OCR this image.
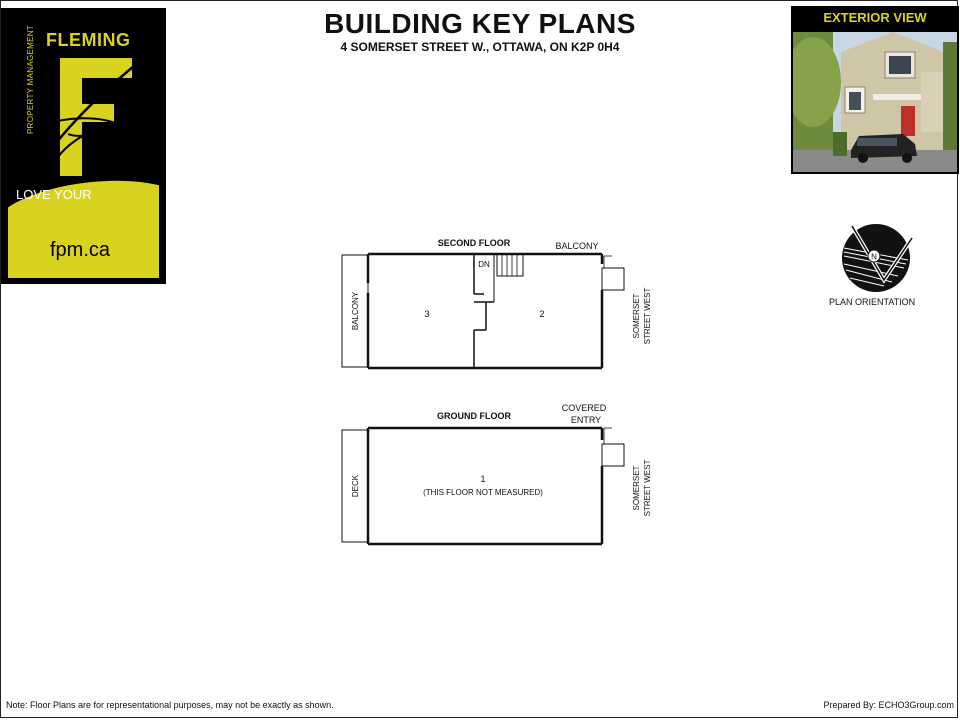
FLEMING
PROPERTY MANAGEMENT
LOVE YOUR SPACE
fpm.ca
BUILDING KEY PLANS
4 SOMERSET STREET W., OTTAWA, ON K2P 0H4
EXTERIOR VIEW
N
PLAN ORIENTATION
SECOND FLOOR
DN
3	2
BALCONY
BALCONY
SOMERSET STREET WEST
GROUND FLOOR
1
(THIS FLOOR NOT MEASURED)
DECK
COVERED
ENTRY
SOMERSET STREET WEST
Note: Floor Plans are for representational purposes, may not be exactly as shown.	Prepared By: ECHO3Group.com
